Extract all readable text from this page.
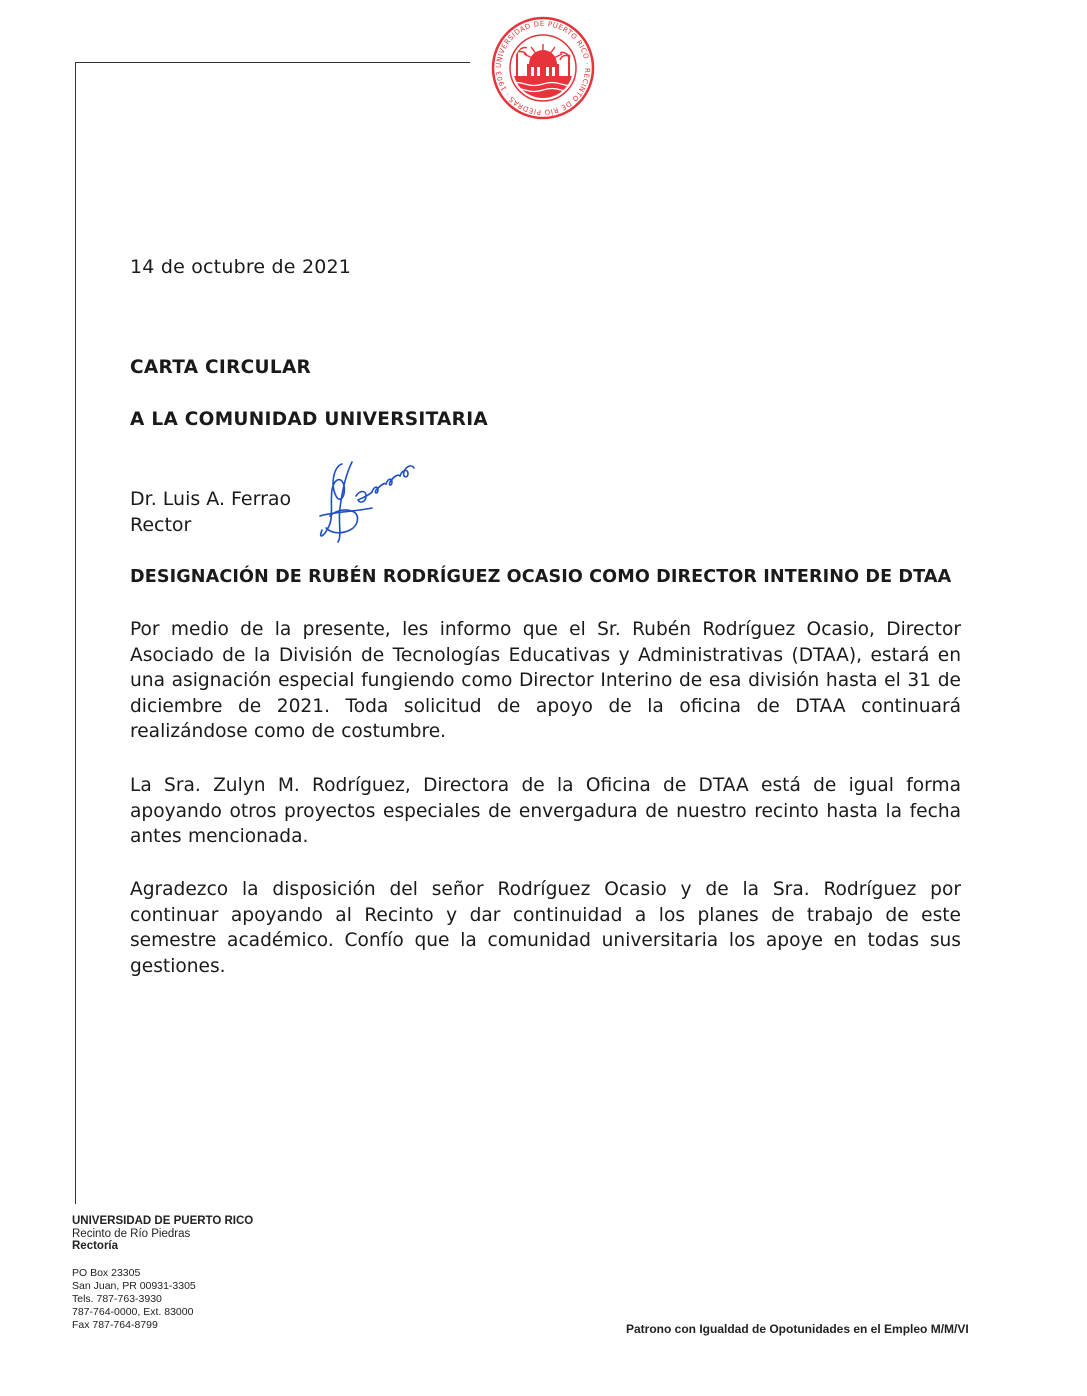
UNIVERSIDAD DE PUERTO RICO · RECINTO DE RÍO PIEDRAS · 1903
14 de octubre de 2021
CARTA CIRCULAR
A LA COMUNIDAD UNIVERSITARIA
Dr. Luis A. Ferrao
Rector
DESIGNACIÓN DE RUBÉN RODRÍGUEZ OCASIO COMO DIRECTOR INTERINO DE DTAA
Por medio de la presente, les informo que el Sr. Rubén Rodríguez Ocasio, Director Asociado de la División de Tecnologías Educativas y Administrativas (DTAA), estará en una asignación especial fungiendo como Director Interino de esa división hasta el 31 de diciembre de 2021. Toda solicitud de apoyo de la oficina de DTAA continuará realizándose como de costumbre.
La Sra. Zulyn M. Rodríguez, Directora de la Oficina de DTAA está de igual forma apoyando otros proyectos especiales de envergadura de nuestro recinto hasta la fecha antes mencionada.
Agradezco la disposición del señor Rodríguez Ocasio y de la Sra. Rodríguez por continuar apoyando al Recinto y dar continuidad a los planes de trabajo de este semestre académico. Confío que la comunidad universitaria los apoye en todas sus gestiones.
UNIVERSIDAD DE PUERTO RICO
Recinto de Río Piedras
Rectoría
PO Box 23305
San Juan, PR 00931-3305
Tels. 787-763-3930
787-764-0000, Ext. 83000
Fax 787-764-8799	Patrono con Igualdad de Opotunidades en el Empleo M/M/VI
